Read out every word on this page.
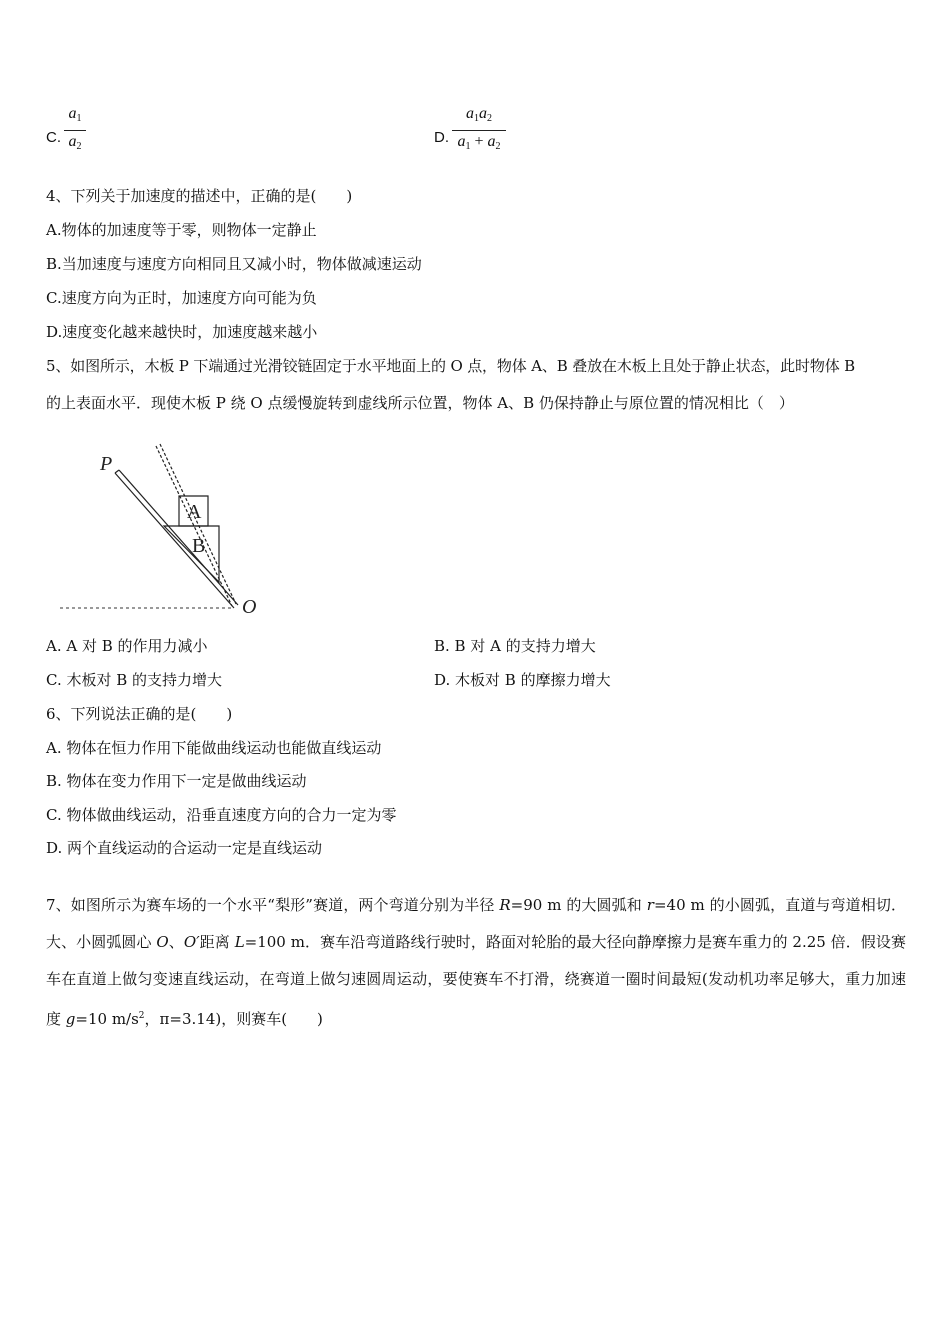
C.
$a_1$
$a_2$
D.
$a_1a_2$
$a_1 + a_2$
4、下列关于加速度的描述中，正确的是(　　)
A.物体的加速度等于零，则物体一定静止
B.当加速度与速度方向相同且又减小时，物体做减速运动
C.速度方向为正时，加速度方向可能为负
D.速度变化越来越快时，加速度越来越小
5、如图所示，木板 P 下端通过光滑铰链固定于水平地面上的 O 点，物体 A、B 叠放在木板上且处于静止状态，此时物体 B
的上表面水平．现使木板 P 绕 O 点缓慢旋转到虚线所示位置，物体 A、B 仍保持静止与原位置的情况相比（　）
P
A
B
O
A. A 对 B 的作用力减小	B. B 对 A 的支持力增大
C. 木板对 B 的支持力增大	D. 木板对 B 的摩擦力增大
6、下列说法正确的是(　　)
A. 物体在恒力作用下能做曲线运动也能做直线运动
B. 物体在变力作用下一定是做曲线运动
C. 物体做曲线运动，沿垂直速度方向的合力一定为零
D. 两个直线运动的合运动一定是直线运动
7、如图所示为赛车场的一个水平“梨形”赛道，两个弯道分别为半径 R=90 m 的大圆弧和 r=40 m 的小圆弧，直道与弯道相切．大、小圆弧圆心 O、O′距离 L=100 m．赛车沿弯道路线行驶时，路面对轮胎的最大径向静摩擦力是赛车重力的 2.25 倍．假设赛车在直道上做匀变速直线运动，在弯道上做匀速圆周运动，要使赛车不打滑，绕赛道一圈时间最短(发动机功率足够大，重力加速度 g=10 $m/s^2$，π=3.14)，则赛车(　　)
